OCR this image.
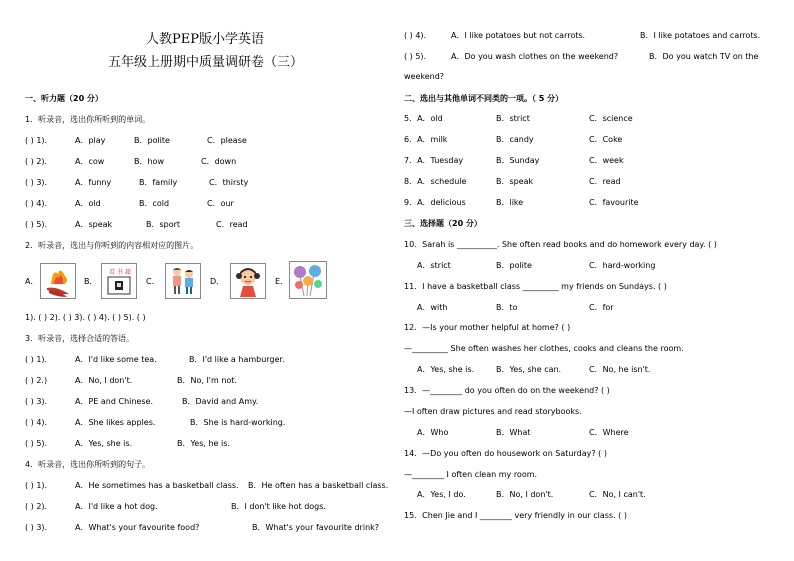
人教PEP版小学英语
五年级上册期中质量调研卷（三）
一、听力题（20 分）
1．听录音，选出你所听到的单词。
( ) 1).	A．play	B．polite	C．please
( ) 2).	A．cow	B．how	C．down
( ) 3).	A．funny	B．family	C．thirsty
( ) 4).	A．old	B．cold	C．our
( ) 5).	A．speak	B．sport	C．read
2．听录音，选出与你听到的内容相对应的图片。
A．	B．
看 书 籍
C．	D．	E．
1). ( ) 2). ( ) 3). ( ) 4). ( ) 5). ( )
3．听录音，选择合适的答语。
( ) 1).	A．I'd like some tea.	B．I'd like a hamburger.
( ) 2.)	A．No, I don't.	B．No, I'm not.
( ) 3).	A．PE and Chinese.	B．David and Amy.
( ) 4).	A．She likes apples.	B．She is hard-working.
( ) 5).	A．Yes, she is.	B．Yes, he is.
4．听录音，选出你所听到的句子。
( ) 1).	A．He sometimes has a basketball class. B．He often has a basketball class.
( ) 2).	A．I'd like a hot dog.	B．I don't like hot dogs.
( ) 3).	A．What's your favourite food?	B．What's your favourite drink?
( ) 4).	A．I like potatoes but not carrots.	B．I like potatoes and carrots.
( ) 5).	A．Do you wash clothes on the weekend?	B．Do you watch TV on the
weekend?
二、选出与其他单词不同类的一项。（ 5 分）
5．A．old	B．strict	C．science
6．A．milk	B．candy	C．Coke
7．A．Tuesday	B．Sunday	C．week
8．A．schedule	B．speak	C．read
9．A．delicious	B．like	C．favourite
三、选择题（20 分）
10．Sarah is __________. She often read books and do homework every day. ( )
A．strict	B．polite	C．hard-working
11．I have a basketball class _________ my friends on Sundays. ( )
A．with	B．to	C．for
12．—Is your mother helpful at home? ( )
—_________ She often washes her clothes, cooks and cleans the room.
A．Yes, she is.	B．Yes, she can.	C．No, he isn't.
13．—________ do you often do on the weekend? ( )
—I often draw pictures and read storybooks.
A．Who	B．What	C．Where
14．—Do you often do housework on Saturday? ( )
—________ I often clean my room.
A．Yes, I do.	B．No, I don't.	C．No, I can't.
15．Chen Jie and I ________ very friendly in our class. ( )
